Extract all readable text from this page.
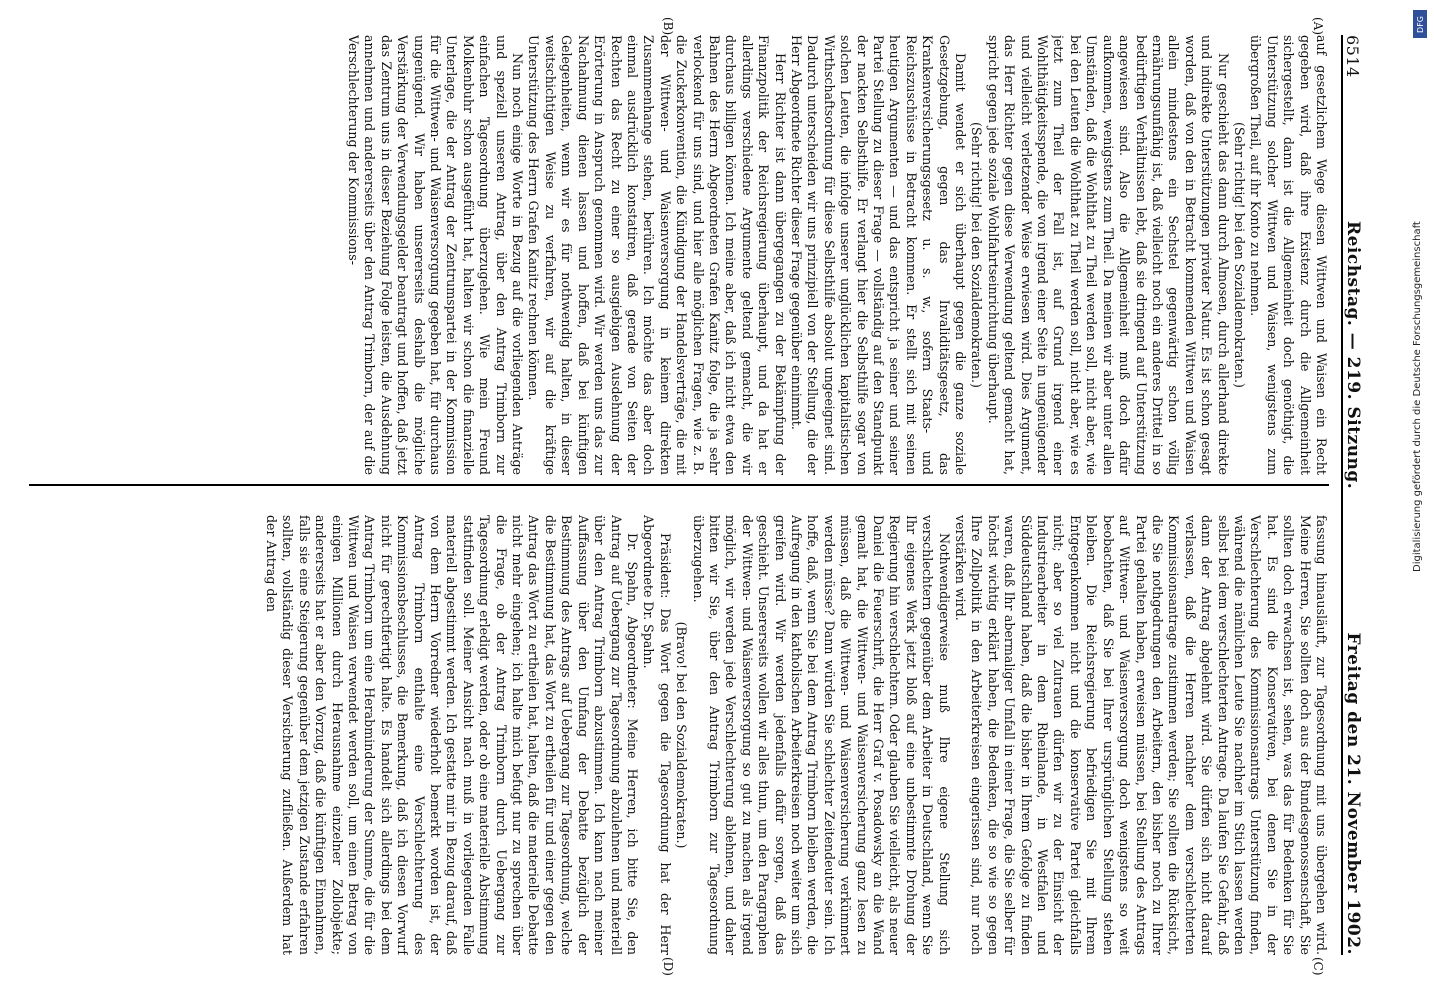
6514
Reichstag. — 219. Sitzung.
Freitag den 21. November 1902.
(A)
(B)
(C)
(D)

auf gesetzlichem Wege diesen Wittwen und Waisen ein Recht gegeben wird, daß ihre Existenz durch die Allgemeinheit sichergestellt, dann ist die Allgemeinheit doch genöthigt, die Unterstützung solcher Wittwen und Waisen, wenigstens zum übergroßen Theil, auf ihr Konto zu nehmen.

(Sehr richtig! bei den Sozialdemokraten.)

Nur geschieht das dann durch Almosen, durch allerhand direkte und indirekte Unterstützungen privater Natur. Es ist schon gesagt worden, daß von den in Betracht kommenden Wittwen und Waisen allein mindestens ein Sechstel gegenwärtig schon völlig ernährungsunfähig ist, daß vielleicht noch ein anderes Drittel in so bedürftigen Verhältnissen lebt, daß sie dringend auf Unterstützung angewiesen sind. Also die Allgemeinheit muß doch dafür aufkommen, wenigstens zum Theil. Da meinen wir aber unter allen Umständen, daß die Wohlthat zu Theil werden soll, nicht aber, wie bei den Leuten die Wohlthat zu Theil werden soll, nicht aber, wie es jetzt zum Theil der Fall ist, auf Grund irgend einer Wohlthätigkeitsspende, die von irgend einer Seite in ungenügender und vielleicht verletzender Weise erwiesen wird. Dies Argument, das Herr Richter gegen diese Verwendung geltend gemacht hat, spricht gegen jede soziale Wohlfahrtseinrichtung überhaupt.

(Sehr richtig! bei den Sozialdemokraten.)

Damit wendet er sich überhaupt gegen die ganze soziale Gesetzgebung, gegen das Invaliditätsgesetz, das Krankenversicherungsgesetz u. s. w., sofern Staats- und Reichszuschüsse in Betracht kommen. Er stellt sich mit seinen heutigen Argumenten — und das entspricht ja seiner und seiner Partei Stellung zu dieser Frage — vollständig auf den Standpunkt der nackten Selbsthilfe. Er verlangt hier die Selbsthilfe sogar von solchen Leuten, die infolge unserer unglücklichen kapitalistischen Wirthschaftsordnung für diese Selbsthilfe absolut ungeeignet sind. Dadurch unterscheiden wir uns prinzipiell von der Stellung, die der Herr Abgeordnete Richter dieser Frage gegenüber einnimmt.

Herr Richter ist dann übergegangen zu der Bekämpfung der Finanzpolitik der Reichsregierung überhaupt, und da hat er allerdings verschiedene Argumente geltend gemacht, die wir durchaus billigen können. Ich meine aber, daß ich nicht etwa den Bahnen des Herrn Abgeordneten Grafen Kanitz folge, die ja sehr verlockend für uns sind, und hier alle möglichen Fragen, wie z. B. die Zuckerkonvention, die Kündigung der Handelsverträge, die mit der Wittwen- und Waisenversorgung in keinem direkten Zusammenhange stehen, berühren. Ich möchte das aber doch einmal ausdrücklich konstatiren, daß gerade von Seiten der Rechten das Recht zu einer so ausgiebigen Ausdehnung der Erörterung in Anspruch genommen wird. Wir werden uns das zur Nachahmung dienen lassen und hoffen, daß bei künftigen Gelegenheiten, wenn wir es für nothwendig halten, in dieser weitschichtigen Weise zu verfahren, wir auf die kräftige Unterstützung des Herrn Grafen Kanitz rechnen können.

Nun noch einige Worte in Bezug auf die vorliegenden Anträge und speziell unseren Antrag, über den Antrag Trimborn zur einfachen Tagesordnung überzugehen. Wie mein Freund Molkenbuhr schon ausgeführt hat, halten wir schon die finanzielle Unterlage, die der Antrag der Zentrumspartei in der Kommission für die Wittwen- und Waisenversorgung gegeben hat, für durchaus ungenügend. Wir haben unsererseits deshalb die mögliche Verstärkung der Verwendungsgelder beantragt und hoffen, daß jetzt das Zentrum uns in dieser Beziehung Folge leisten, die Ausdehnung annehmen und andererseits über den Antrag Trimborn, der auf die Verschlechterung der Kommissions-

fassung hinausläuft, zur Tagesordnung mit uns übergehen wird. Meine Herren, Sie sollten doch aus der Bundesgenossenschaft, Sie sollten doch erwachsen ist, sehen, was das für Bedenken für Sie hat. Es sind die Konservativen, bei denen Sie in der Verschlechterung des Kommissionsantrags Unterstützung finden, während die nämlichen Leute Sie nachher im Stich lassen werden selbst bei dem verschlechterten Antrage. Da laufen Sie Gefahr, daß dann der Antrag abgelehnt wird. Sie dürfen sich nicht darauf verlassen, daß die Herren nachher dem verschlechterten Kommissionsantrage zustimmen werden; Sie sollten die Rücksicht, die Sie nothgedrungen den Arbeitern, den bisher noch zu Ihrer Partei gehalten haben, erweisen müssen, bei Stellung des Antrags auf Wittwen- und Waisenversorgung doch wenigstens so weit beobachten, daß Sie bei Ihrer ursprünglichen Stellung stehen bleiben. Die Reichsregierung befriedigen Sie mit Ihrem Entgegenkommen nicht und die konservative Partei gleichfalls nicht; aber so viel Zutrauen dürfen wir zu der Einsicht der Industriearbeiter in dem Rheinlande, in Westfalen und Süddeutschland haben, daß die bisher in Ihrem Gefolge zu finden waren, daß Ihr abermaliger Umfall in einer Frage, die Sie selber für höchst wichtig erklärt haben, die Bedenken, die so wie so gegen Ihre Zollpolitik in den Arbeiterkreisen eingerissen sind, nur noch verstärken wird.

Nothwendigerweise muß Ihre eigene Stellung sich verschlechtern gegenüber dem Arbeiter in Deutschland, wenn Sie Ihr eigenes Werk jetzt bloß auf eine unbestimmte Drohung der Regierung hin verschlechtern. Oder glauben Sie vielleicht, als neuer Daniel die Feuerschrift, die Herr Graf v. Posadowsky an die Wand gemalt hat, die Wittwen- und Waisenversicherung ganz lesen zu müssen, daß die Wittwen- und Waisenversicherung verkümmert werden müsse? Dann würden Sie schlechter Zeitendeuter sein. Ich hoffe, daß, wenn Sie bei dem Antrag Trimborn bleiben werden, die Aufregung in den katholischen Arbeiterkreisen noch weiter um sich greifen wird. Wir werden jedenfalls dafür sorgen, daß das geschieht. Unsererseits wollen wir alles thun, um den Paragraphen der Wittwen- und Waisenversorgung so gut zu machen als irgend möglich, wir werden jede Verschlechterung ablehnen, und daher bitten wir Sie, über den Antrag Trimborn zur Tagesordnung überzugehen.

(Bravo! bei den Sozialdemokraten.)

Präsident: Das Wort gegen die Tagesordnung hat der Herr Abgeordnete Dr. Spahn.

Dr. Spahn, Abgeordneter: Meine Herren, ich bitte Sie, den Antrag auf Uebergang zur Tagesordnung abzulehnen und materiell über den Antrag Trimborn abzustimmen. Ich kann nach meiner Auffassung über den Umfang der Debatte bezüglich der Bestimmung des Antrags auf Uebergang zur Tagesordnung, welche die Bestimmung hat, das Wort zu ertheilen für und einer gegen den Antrag das Wort zu ertheilen hat, halten, daß die materielle Debatte nicht mehr eingehen; ich halte mich befugt nur zu sprechen über die Frage, ob der Antrag Trimborn durch Uebergang zur Tagesordnung erledigt werden, oder ob eine materielle Abstimmung stattfinden soll. Meiner Ansicht nach muß in vorliegenden Falle materiell abgestimmt werden. Ich gestatte mir in Bezug darauf, daß von dem Herrn Vorredner wiederholt bemerkt worden ist, der Antrag Trimborn enthalte eine Verschlechterung des Kommissionsbeschlusses, die Bemerkung, daß ich diesen Vorwurf nicht für gerechtfertigt halte. Es handelt sich allerdings bei dem Antrag Trimborn um eine Herabminderung der Summe, die für die Wittwen und Waisen verwendet werden soll, um einen Betrag von einigen Millionen durch Herausnahme einzelner Zollobjekte; andererseits hat er aber den Vorzug, daß die künftigen Einnahmen, falls sie eine Steigerung gegenüber dem jetzigen Zustande erfahren sollten, vollständig dieser Versicherung zufließen. Außerdem hat der Antrag den	Digitalisierung gefördert durch die Deutsche Forschungsgemeinschaft
DFG
